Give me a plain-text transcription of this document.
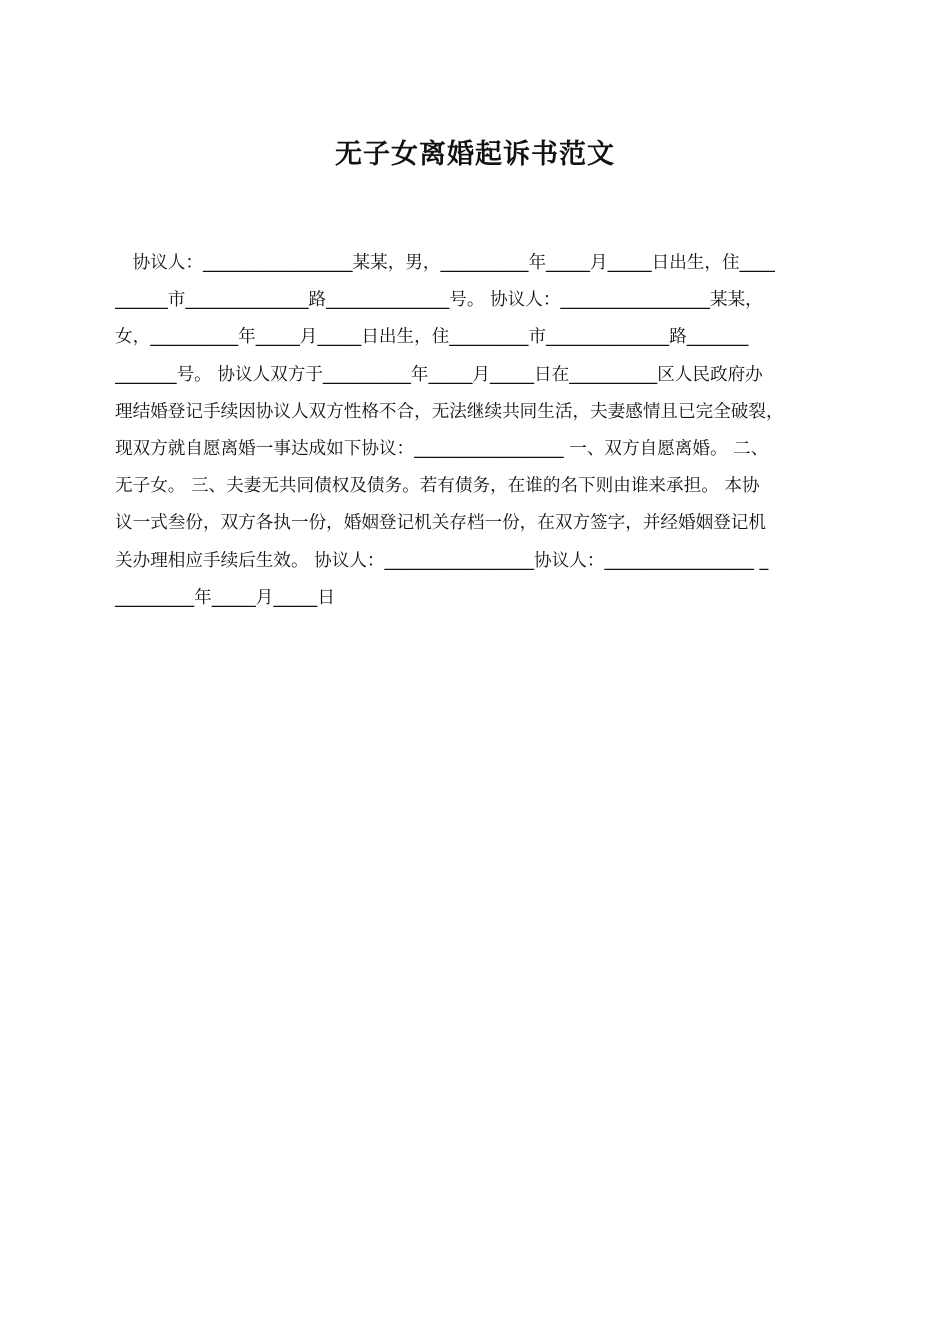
无子女离婚起诉书范文
　协议人：_________________某某，男，__________年_____月_____日出生，住____
______市______________路______________号。 协议人：_________________某某，
女，__________年_____月_____日出生，住_________市______________路_______
_______号。 协议人双方于__________年_____月_____日在__________区人民政府办
理结婚登记手续因协议人双方性格不合，无法继续共同生活，夫妻感情且已完全破裂，
现双方就自愿离婚一事达成如下协议：_________________ 一、双方自愿离婚。 二、
无子女。 三、夫妻无共同债权及债务。若有债务，在谁的名下则由谁来承担。 本协
议一式叁份，双方各执一份，婚姻登记机关存档一份，在双方签字，并经婚姻登记机
关办理相应手续后生效。 协议人：_________________协议人：_________________ _
_________年_____月_____日
